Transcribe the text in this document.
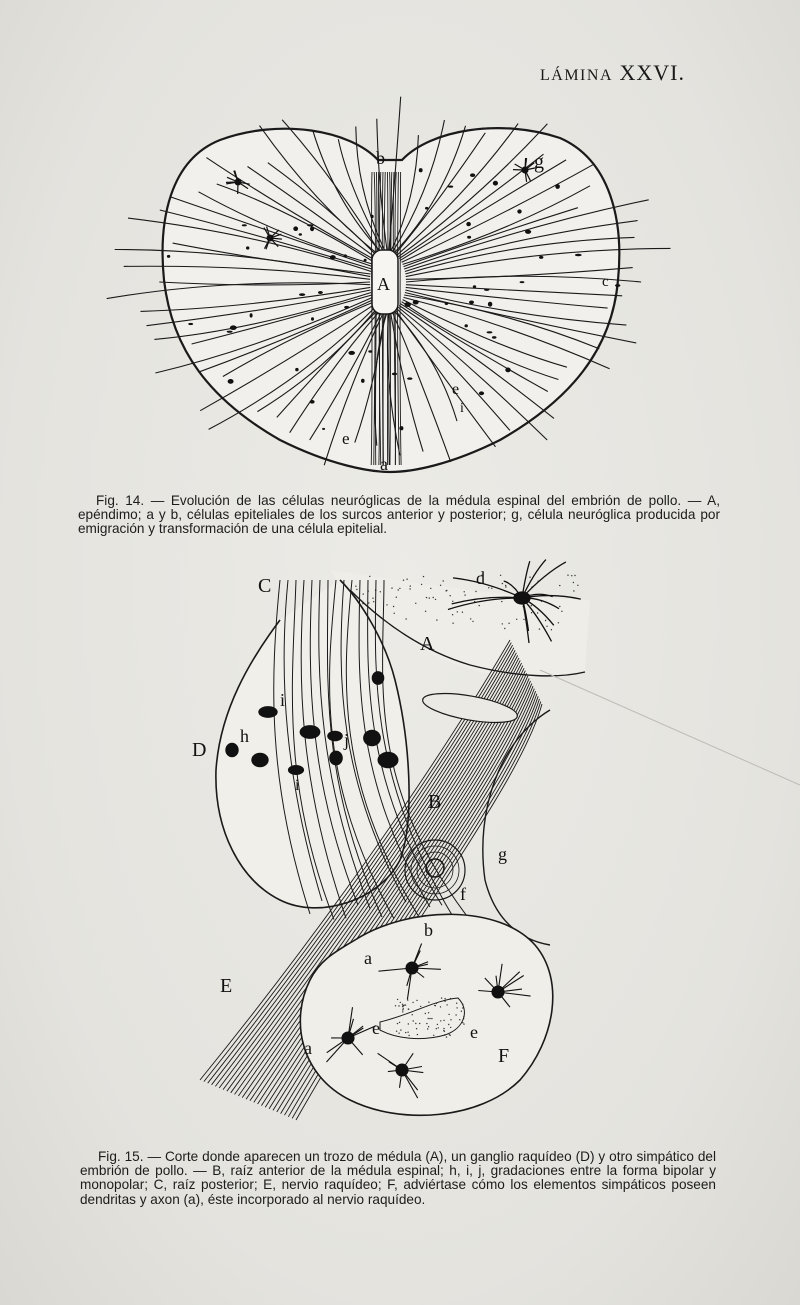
LÁMINA XXVI.
b	g
A	c
e
i
e
a
Fig. 14. — Evolución de las células neuróglicas de la médula espinal del embrión de pollo. — A, epéndimo; a y b, células epiteliales de los surcos anterior y posterior; g, célula neuróglica producida por emigración y transformación de una célula epitelial.
C	d
A
D
h
i
j
i
B
g
f
E
b
a
e	e
a	F
Fig. 15. — Corte donde aparecen un trozo de médula (A), un ganglio raquídeo (D) y otro simpático del embrión de pollo. — B, raíz anterior de la médula espinal; h, i, j, gradaciones entre la forma bipolar y monopolar; C, raíz posterior; E, nervio raquídeo; F, adviértase cómo los elementos simpáticos poseen dendritas y axon (a), éste incorporado al nervio raquídeo.
